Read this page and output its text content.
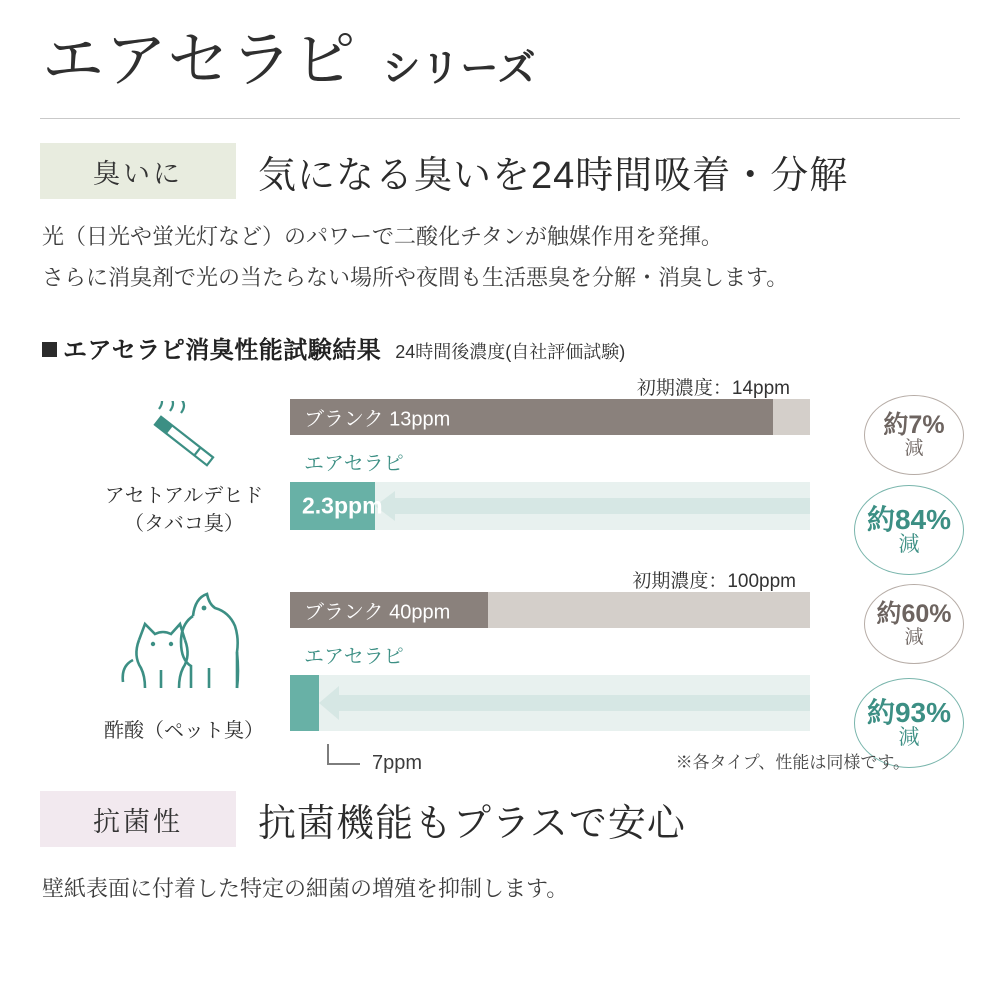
エアセラピ シリーズ
臭いに	気になる臭いを24時間吸着・分解
光（日光や蛍光灯など）のパワーで二酸化チタンが触媒作用を発揮。
さらに消臭剤で光の当たらない場所や夜間も生活悪臭を分解・消臭します。
エアセラピ消臭性能試験結果 24時間後濃度(自社評価試験)
アセトアルデヒド
（タバコ臭）
初期濃度：14ppm
ブランク 13ppm
エアセラピ
2.3ppm
約7%
減
約84%
減
酢酸（ペット臭）
初期濃度：100ppm
ブランク 40ppm
エアセラピ
7ppm
約60%
減
約93%
減
※各タイプ、性能は同様です。
抗菌性	抗菌機能もプラスで安心
壁紙表面に付着した特定の細菌の増殖を抑制します。
